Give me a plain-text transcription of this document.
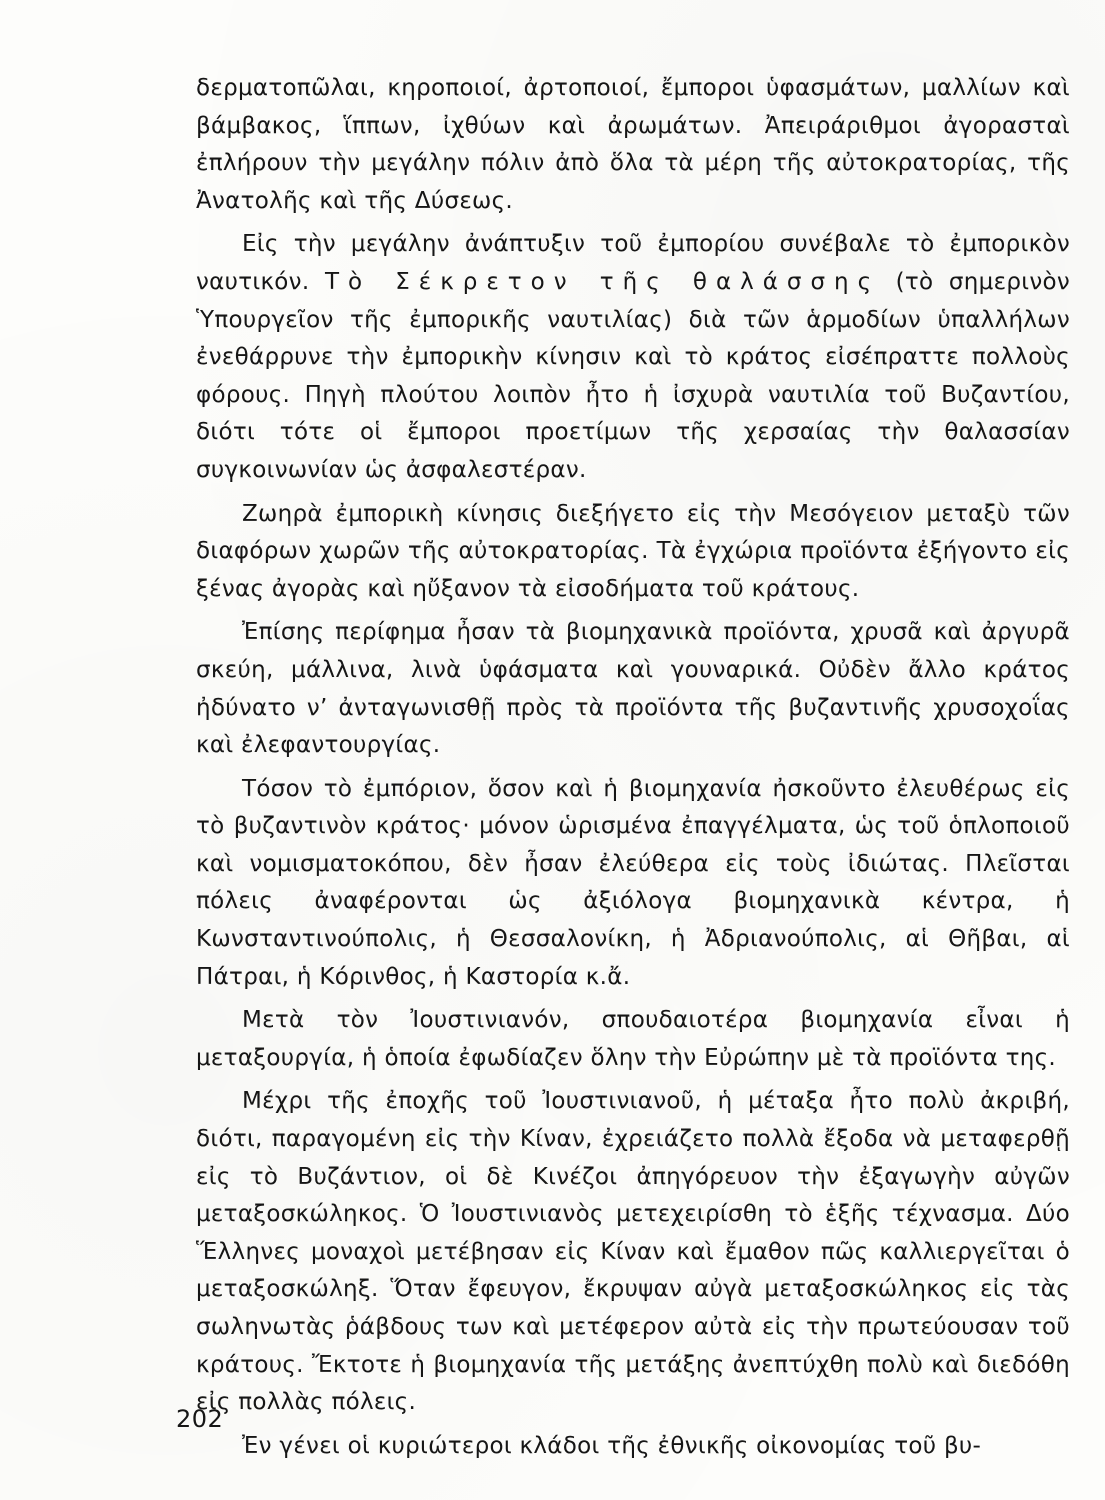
δερματοπῶλαι, κηροποιοί, ἀρτοποιοί, ἔμποροι ὑφασμάτων, μαλλίων καὶ βάμβακος, ἵππων, ἰχθύων καὶ ἀρωμάτων. Ἀπειράριθμοι ἀγορασταὶ ἐπλήρουν τὴν μεγάλην πόλιν ἀπὸ ὅλα τὰ μέρη τῆς αὐτοκρατορίας, τῆς Ἀνατολῆς καὶ τῆς Δύσεως.

Εἰς τὴν μεγάλην ἀνάπτυξιν τοῦ ἐμπορίου συνέβαλε τὸ ἐμπορικὸν ναυτικόν. Τὸ Σέκρετον τῆς θαλάσσης (τὸ σημερινὸν Ὑπουργεῖον τῆς ἐμπορικῆς ναυτιλίας) διὰ τῶν ἁρμοδίων ὑπαλλήλων ἐνεθάρρυνε τὴν ἐμπορικὴν κίνησιν καὶ τὸ κράτος εἰσέπραττε πολλοὺς φόρους. Πηγὴ πλούτου λοιπὸν ἦτο ἡ ἰσχυρὰ ναυτιλία τοῦ Βυζαντίου, διότι τότε οἱ ἔμποροι προετίμων τῆς χερσαίας τὴν θαλασσίαν συγκοινωνίαν ὡς ἀσφαλεστέραν.

Ζωηρὰ ἐμπορικὴ κίνησις διεξήγετο εἰς τὴν Μεσόγειον μεταξὺ τῶν διαφόρων χωρῶν τῆς αὐτοκρατορίας. Τὰ ἐγχώρια προϊόντα ἐξήγοντο εἰς ξένας ἀγορὰς καὶ ηὔξανον τὰ εἰσοδήματα τοῦ κράτους.

Ἐπίσης περίφημα ἦσαν τὰ βιομηχανικὰ προϊόντα, χρυσᾶ καὶ ἀργυρᾶ σκεύη, μάλλινα, λινὰ ὑφάσματα καὶ γουναρικά. Οὐδὲν ἄλλο κράτος ἠδύνατο ν’ ἀνταγωνισθῇ πρὸς τὰ προϊόντα τῆς βυζαντινῆς χρυσοχοΐας καὶ ἐλεφαντουργίας.

Τόσον τὸ ἐμπόριον, ὅσον καὶ ἡ βιομηχανία ἠσκοῦντο ἐλευθέρως εἰς τὸ βυζαντινὸν κράτος· μόνον ὡρισμένα ἐπαγγέλματα, ὡς τοῦ ὁπλοποιοῦ καὶ νομισματοκόπου, δὲν ἦσαν ἐλεύθερα εἰς τοὺς ἰδιώτας. Πλεῖσται πόλεις ἀναφέρονται ὡς ἀξιόλογα βιομηχανικὰ κέντρα, ἡ Κωνσταντινούπολις, ἡ Θεσσαλονίκη, ἡ Ἀδριανούπολις, αἱ Θῆβαι, αἱ Πάτραι, ἡ Κόρινθος, ἡ Καστορία κ.ἄ.

Μετὰ τὸν Ἰουστινιανόν, σπουδαιοτέρα βιομηχανία εἶναι ἡ μεταξουργία, ἡ ὁποία ἐφωδίαζεν ὅλην τὴν Εὐρώπην μὲ τὰ προϊόντα της.

Μέχρι τῆς ἐποχῆς τοῦ Ἰουστινιανοῦ, ἡ μέταξα ἦτο πολὺ ἀκριβή, διότι, παραγομένη εἰς τὴν Κίναν, ἐχρειάζετο πολλὰ ἔξοδα νὰ μεταφερθῇ εἰς τὸ Βυζάντιον, οἱ δὲ Κινέζοι ἀπηγόρευον τὴν ἐξαγωγὴν αὐγῶν μεταξοσκώληκος. Ὁ Ἰουστινιανὸς μετεχειρίσθη τὸ ἑξῆς τέχνασμα. Δύο Ἕλληνες μοναχοὶ μετέβησαν εἰς Κίναν καὶ ἔμαθον πῶς καλλιεργεῖται ὁ μεταξοσκώληξ. Ὅταν ἔφευγον, ἔκρυψαν αὐγὰ μεταξοσκώληκος εἰς τὰς σωληνωτὰς ῥάβδους των καὶ μετέφερον αὐτὰ εἰς τὴν πρωτεύουσαν τοῦ κράτους. Ἔκτοτε ἡ βιομηχανία τῆς μετάξης ἀνεπτύχθη πολὺ καὶ διεδόθη εἰς πολλὰς πόλεις.

Ἐν γένει οἱ κυριώτεροι κλάδοι τῆς ἐθνικῆς οἰκονομίας τοῦ βυ-

202
